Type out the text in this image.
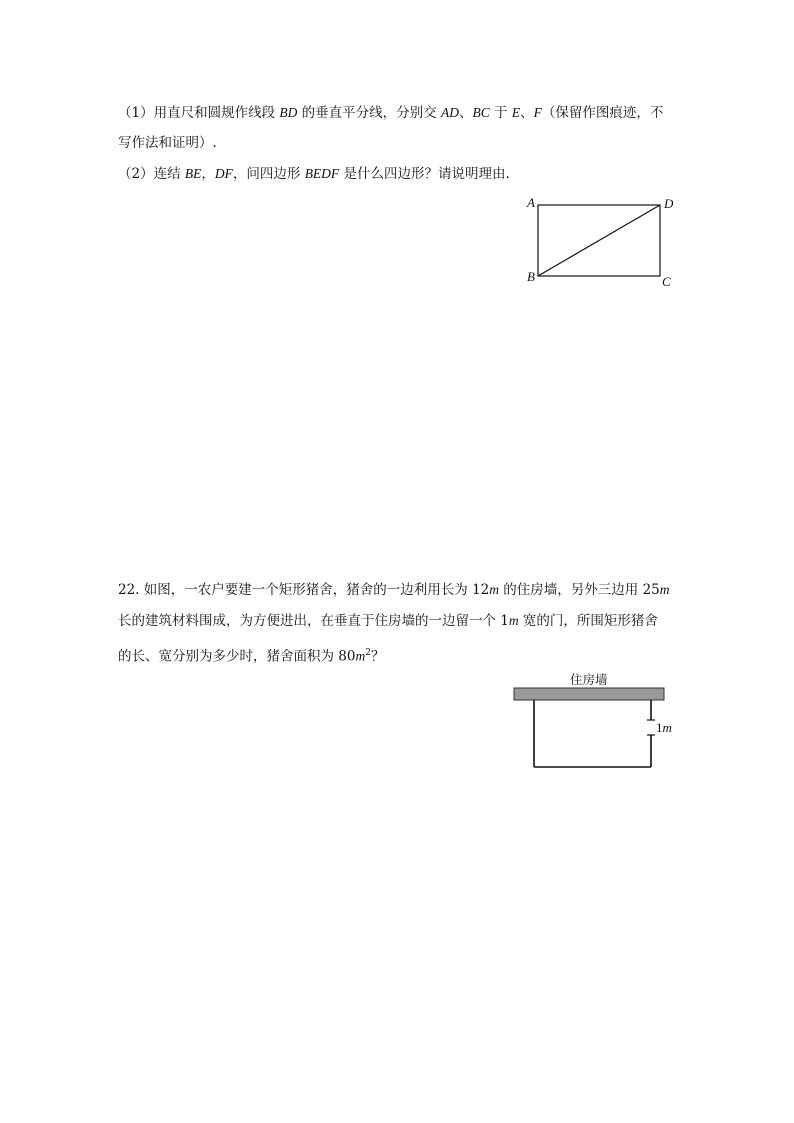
（1）用直尺和圆规作线段 BD 的垂直平分线，分别交 AD、BC 于 E、F（保留作图痕迹，不
写作法和证明）.
（2）连结 BE，DF，问四边形 BEDF 是什么四边形？请说明理由.
A	D
B	C
22. 如图，一农户要建一个矩形猪舍，猪舍的一边利用长为 12m 的住房墙，另外三边用 25m
长的建筑材料围成，为方便进出，在垂直于住房墙的一边留一个 1m 宽的门，所围矩形猪舍
的长、宽分别为多少时，猪舍面积为 $80m^2$？
住房墙
1m
